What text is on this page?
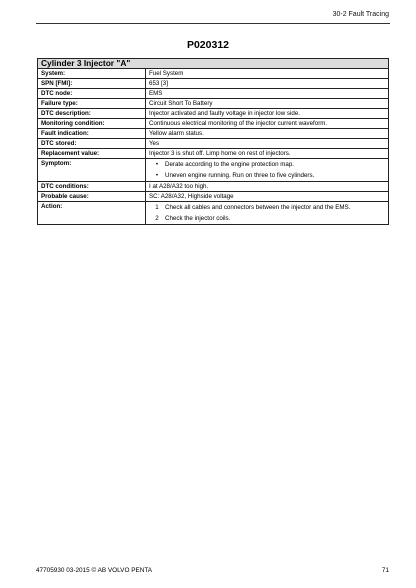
30-2 Fault Tracing
P020312
Cylinder 3 Injector "A"	
System:	Fuel System
SPN [FMI]:	653 [3]
DTC node:	EMS
Failure type:	Circuit Short To Battery
DTC description:	Injector activated and faulty voltage in injector low side.
Monitoring condition:	Continuous electrical monitoring of the injector current waveform.
Fault indication:	Yellow alarm status.
DTC stored:	Yes
Replacement value:	Injector 3 is shut off. Limp home on rest of injectors.
Symptom:	• Derate according to the engine protection map.
• Uneven engine running. Run on three to five cylinders.

DTC conditions:	I at A28/A32 too high.
Probable cause:	SC: A28/A32, Highside voltage
Action:	1 Check all cables and connectors between the injector and the EMS.
2 Check the injector coils.
47705930 03-2015 © AB VOLVO PENTA	71
